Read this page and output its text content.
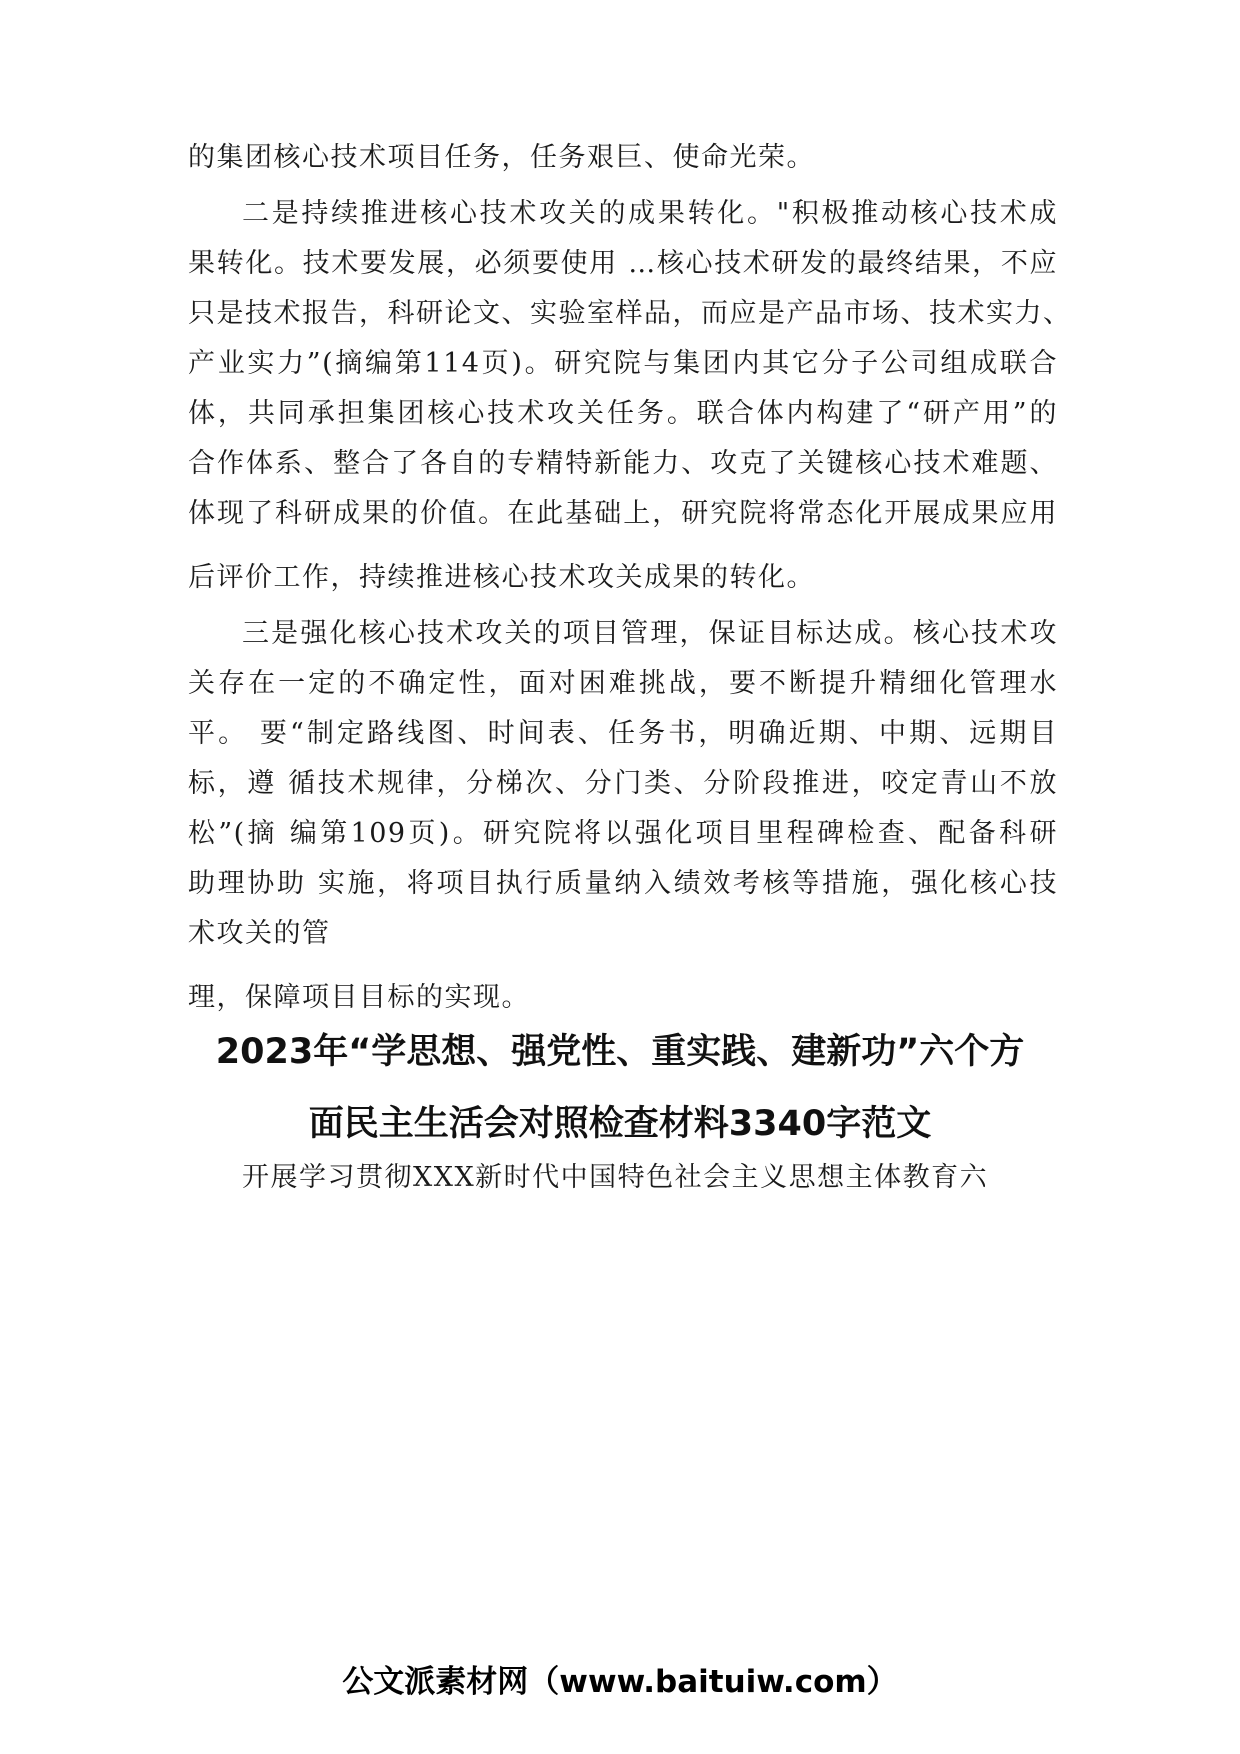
的集团核心技术项目任务，任务艰巨、使命光荣。
二是持续推进核心技术攻关的成果转化。"积极推动核心技术成
果转化。技术要发展，必须要使用 …核心技术研发的最终结果，不应
只是技术报告，科研论文、实验室样品，而应是产品市场、技术实力、
产业实力”(摘编第114页)。研究院与集团内其它分子公司组成联合
体，共同承担集团核心技术攻关任务。联合体内构建了“研产用”的
合作体系、整合了各自的专精特新能力、攻克了关键核心技术难题、
体现了科研成果的价值。在此基础上，研究院将常态化开展成果应用
后评价工作，持续推进核心技术攻关成果的转化。
三是强化核心技术攻关的项目管理，保证目标达成。核心技术攻
关存在一定的不确定性，面对困难挑战，要不断提升精细化管理水
平。 要“制定路线图、时间表、任务书，明确近期、中期、远期目
标，遵 循技术规律，分梯次、分门类、分阶段推进，咬定青山不放
松”(摘 编第109页)。研究院将以强化项目里程碑检查、配备科研
助理协助 实施，将项目执行质量纳入绩效考核等措施，强化核心技
术攻关的管
理，保障项目目标的实现。
2023年“学思想、强党性、重实践、建新功”六个方
面民主生活会对照检查材料3340字范文
开展学习贯彻XXX新时代中国特色社会主义思想主体教育六
公文派素材网（www.baituiw.com）
